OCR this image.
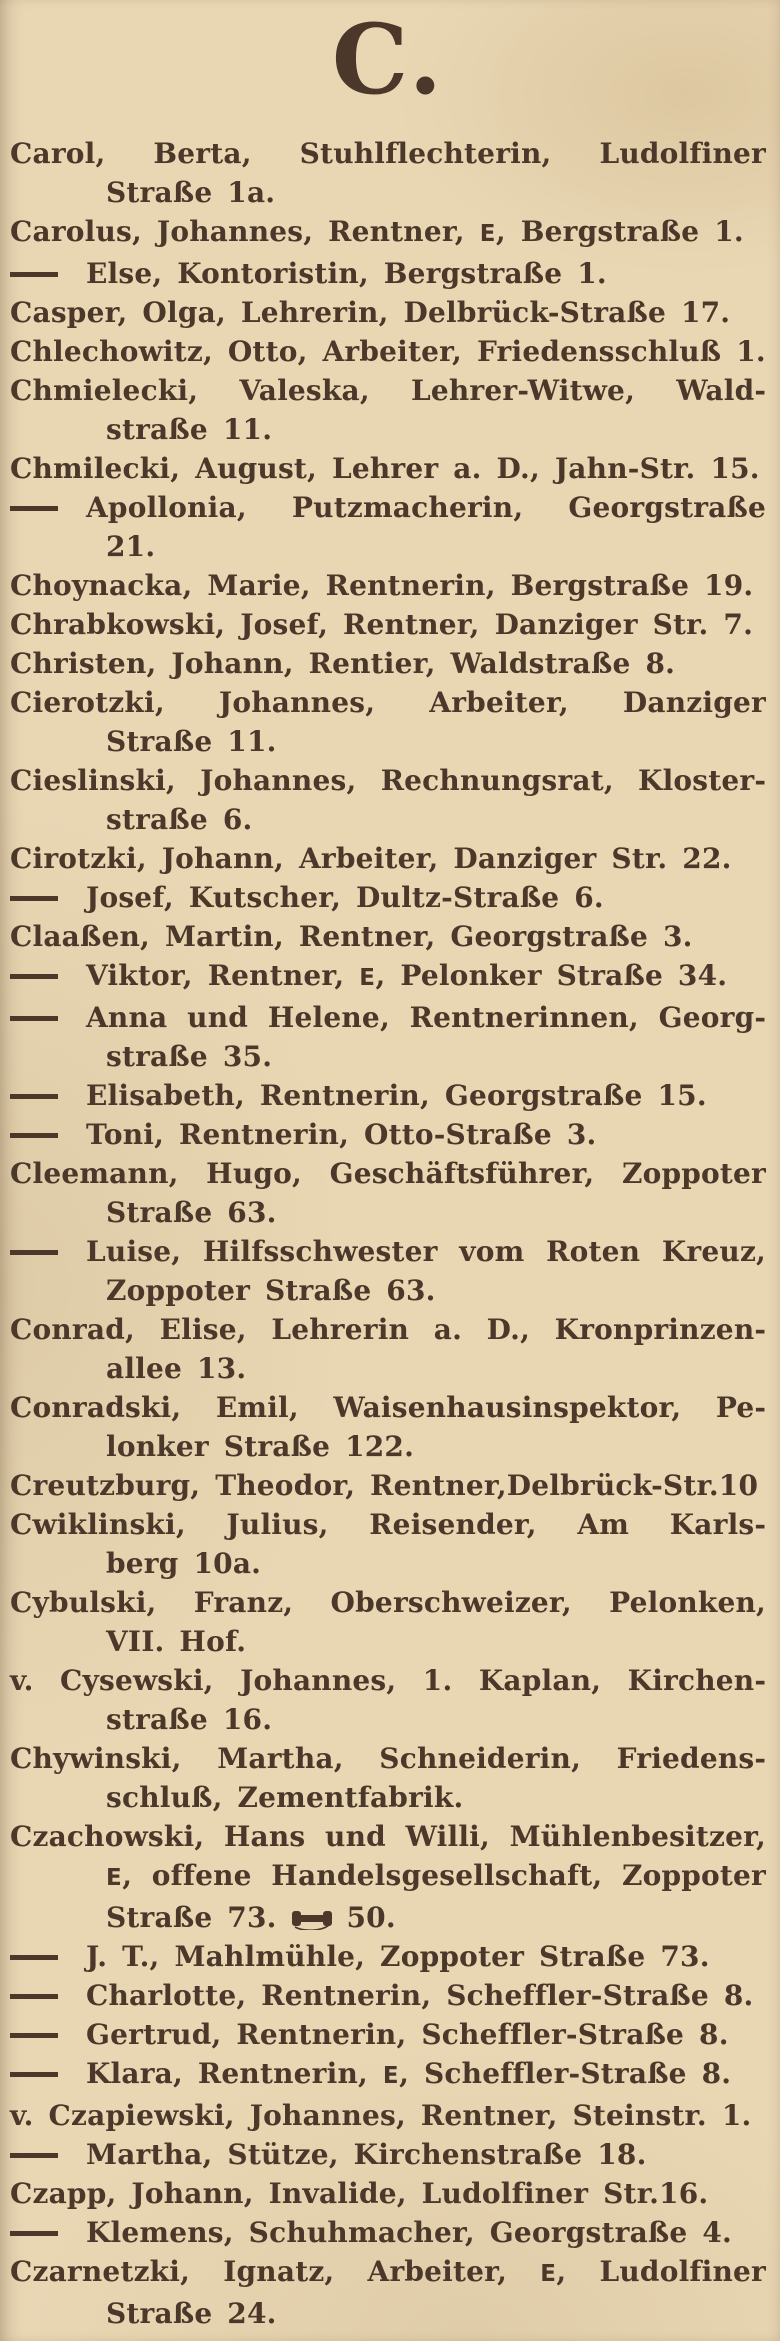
C.

Carol, Berta, Stuhlflechterin, Ludolfiner Straße 1a.

Carolus, Johannes, Rentner, E, Bergstraße 1.

Else, Kontoristin, Bergstraße 1.

Casper, Olga, Lehrerin, Delbrück-Straße 17.

Chlechowitz, Otto, Arbeiter, Friedensschluß 1.

Chmielecki, Valeska, Lehrer-Witwe, Waldstraße 11.

Chmilecki, August, Lehrer a. D., Jahn-Str. 15.

Apollonia, Putzmacherin, Georgstraße 21.

Choynacka, Marie, Rentnerin, Bergstraße 19.

Chrabkowski, Josef, Rentner, Danziger Str. 7.

Christen, Johann, Rentier, Waldstraße 8.

Cierotzki, Johannes, Arbeiter, Danziger Straße 11.

Cieslinski, Johannes, Rechnungsrat, Klosterstraße 6.

Cirotzki, Johann, Arbeiter, Danziger Str. 22.

Josef, Kutscher, Dultz-Straße 6.

Claaßen, Martin, Rentner, Georgstraße 3.

Viktor, Rentner, E, Pelonker Straße 34.

Anna und Helene, Rentnerinnen, Georgstraße 35.

Elisabeth, Rentnerin, Georgstraße 15.

Toni, Rentnerin, Otto-Straße 3.

Cleemann, Hugo, Geschäftsführer, Zoppoter Straße 63.

Luise, Hilfsschwester vom Roten Kreuz, Zoppoter Straße 63.

Conrad, Elise, Lehrerin a. D., Kronprinzenallee 13.

Conradski, Emil, Waisenhausinspektor, Pelonker Straße 122.

Creutzburg, Theodor, Rentner,Delbrück-Str.10

Cwiklinski, Julius, Reisender, Am Karlsberg 10a.

Cybulski, Franz, Oberschweizer, Pelonken, VII. Hof.

v. Cysewski, Johannes, 1. Kaplan, Kirchenstraße 16.

Chywinski, Martha, Schneiderin, Friedensschluß, Zementfabrik.

Czachowski, Hans und Willi, Mühlenbesitzer, E, offene Handelsgesellschaft, Zoppoter Straße 73.  50.

J. T., Mahlmühle, Zoppoter Straße 73.

Charlotte, Rentnerin, Scheffler-Straße 8.

Gertrud, Rentnerin, Scheffler-Straße 8.

Klara, Rentnerin, E, Scheffler-Straße 8.

v. Czapiewski, Johannes, Rentner, Steinstr. 1.

Martha, Stütze, Kirchenstraße 18.

Czapp, Johann, Invalide, Ludolfiner Str.16.

Klemens, Schuhmacher, Georgstraße 4.

Czarnetzki, Ignatz, Arbeiter, E, Ludolfiner Straße 24.
